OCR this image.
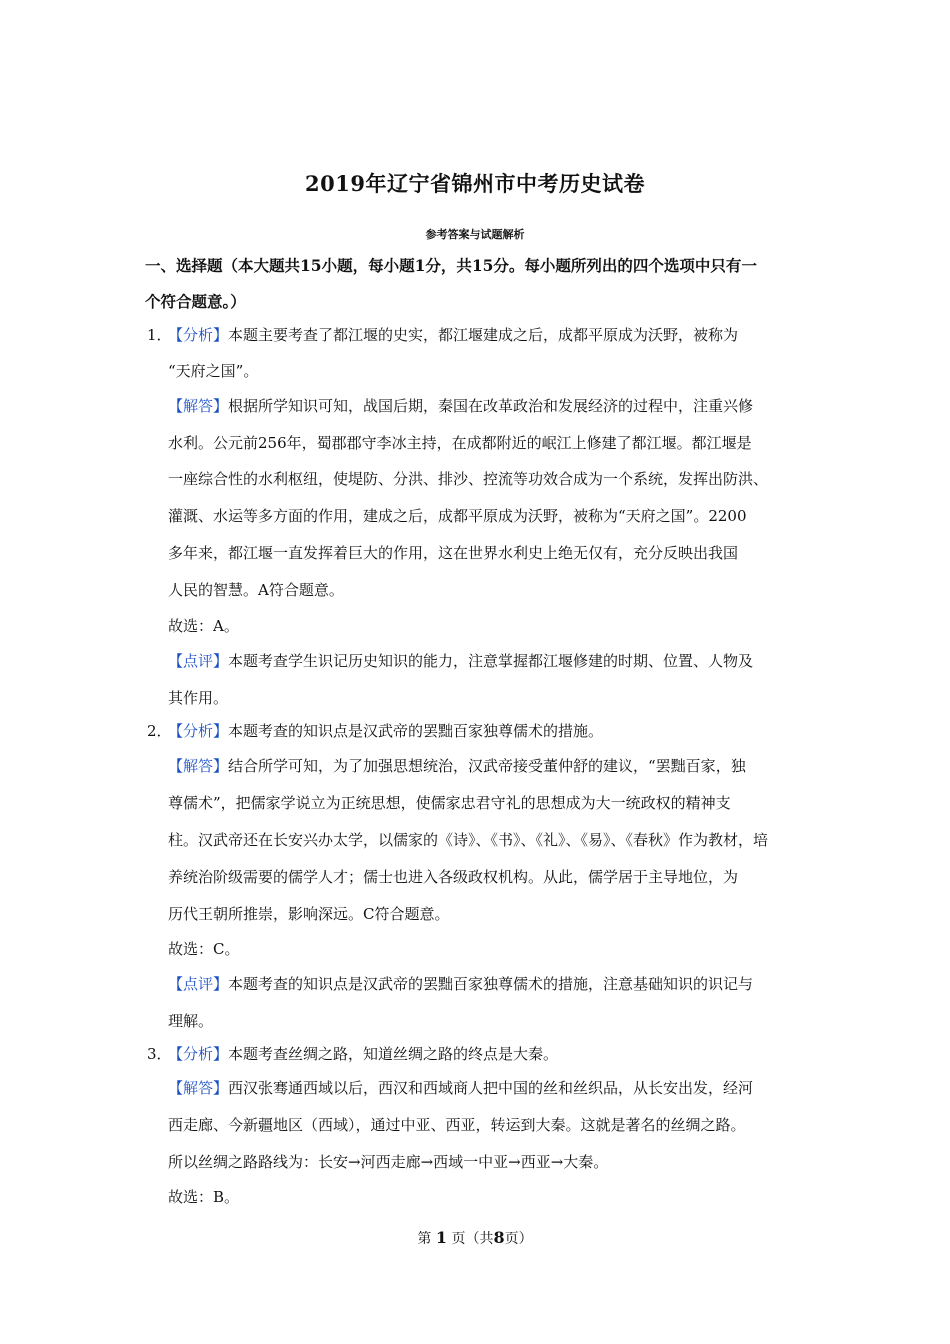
2019年辽宁省锦州市中考历史试卷
参考答案与试题解析
一、选择题（本大题共15小题，每小题1分，共15分。每小题所列出的四个选项中只有一
个符合题意。）
1．
【分析】本题主要考查了都江堰的史实，都江堰建成之后，成都平原成为沃野，被称为
“天府之国”。
【解答】根据所学知识可知，战国后期，秦国在改革政治和发展经济的过程中，注重兴修
水利。公元前256年，蜀郡郡守李冰主持，在成都附近的岷江上修建了都江堰。都江堰是
一座综合性的水利枢纽，使堤防、分洪、排沙、控流等功效合成为一个系统，发挥出防洪、
灌溉、水运等多方面的作用，建成之后，成都平原成为沃野，被称为“天府之国”。2200
多年来，都江堰一直发挥着巨大的作用，这在世界水利史上绝无仅有，充分反映出我国
人民的智慧。A符合题意。
故选：A。
【点评】本题考查学生识记历史知识的能力，注意掌握都江堰修建的时期、位置、人物及
其作用。
2．
【分析】本题考查的知识点是汉武帝的罢黜百家独尊儒术的措施。
【解答】结合所学可知，为了加强思想统治，汉武帝接受董仲舒的建议，“罢黜百家，独
尊儒术”，把儒家学说立为正统思想，使儒家忠君守礼的思想成为大一统政权的精神支
柱。汉武帝还在长安兴办太学，以儒家的《诗》、《书》、《礼》、《易》、《春秋》作为教材，培
养统治阶级需要的儒学人才；儒士也进入各级政权机构。从此，儒学居于主导地位，为
历代王朝所推崇，影响深远。C符合题意。
故选：C。
【点评】本题考查的知识点是汉武帝的罢黜百家独尊儒术的措施，注意基础知识的识记与
理解。
3．
【分析】本题考查丝绸之路，知道丝绸之路的终点是大秦。
【解答】西汉张骞通西域以后，西汉和西域商人把中国的丝和丝织品，从长安出发，经河
西走廊、今新疆地区（西域），通过中亚、西亚，转运到大秦。这就是著名的丝绸之路。
所以丝绸之路路线为：长安→河西走廊→西域一中亚→西亚→大秦。
故选：B。
第 1 页（共8页）
